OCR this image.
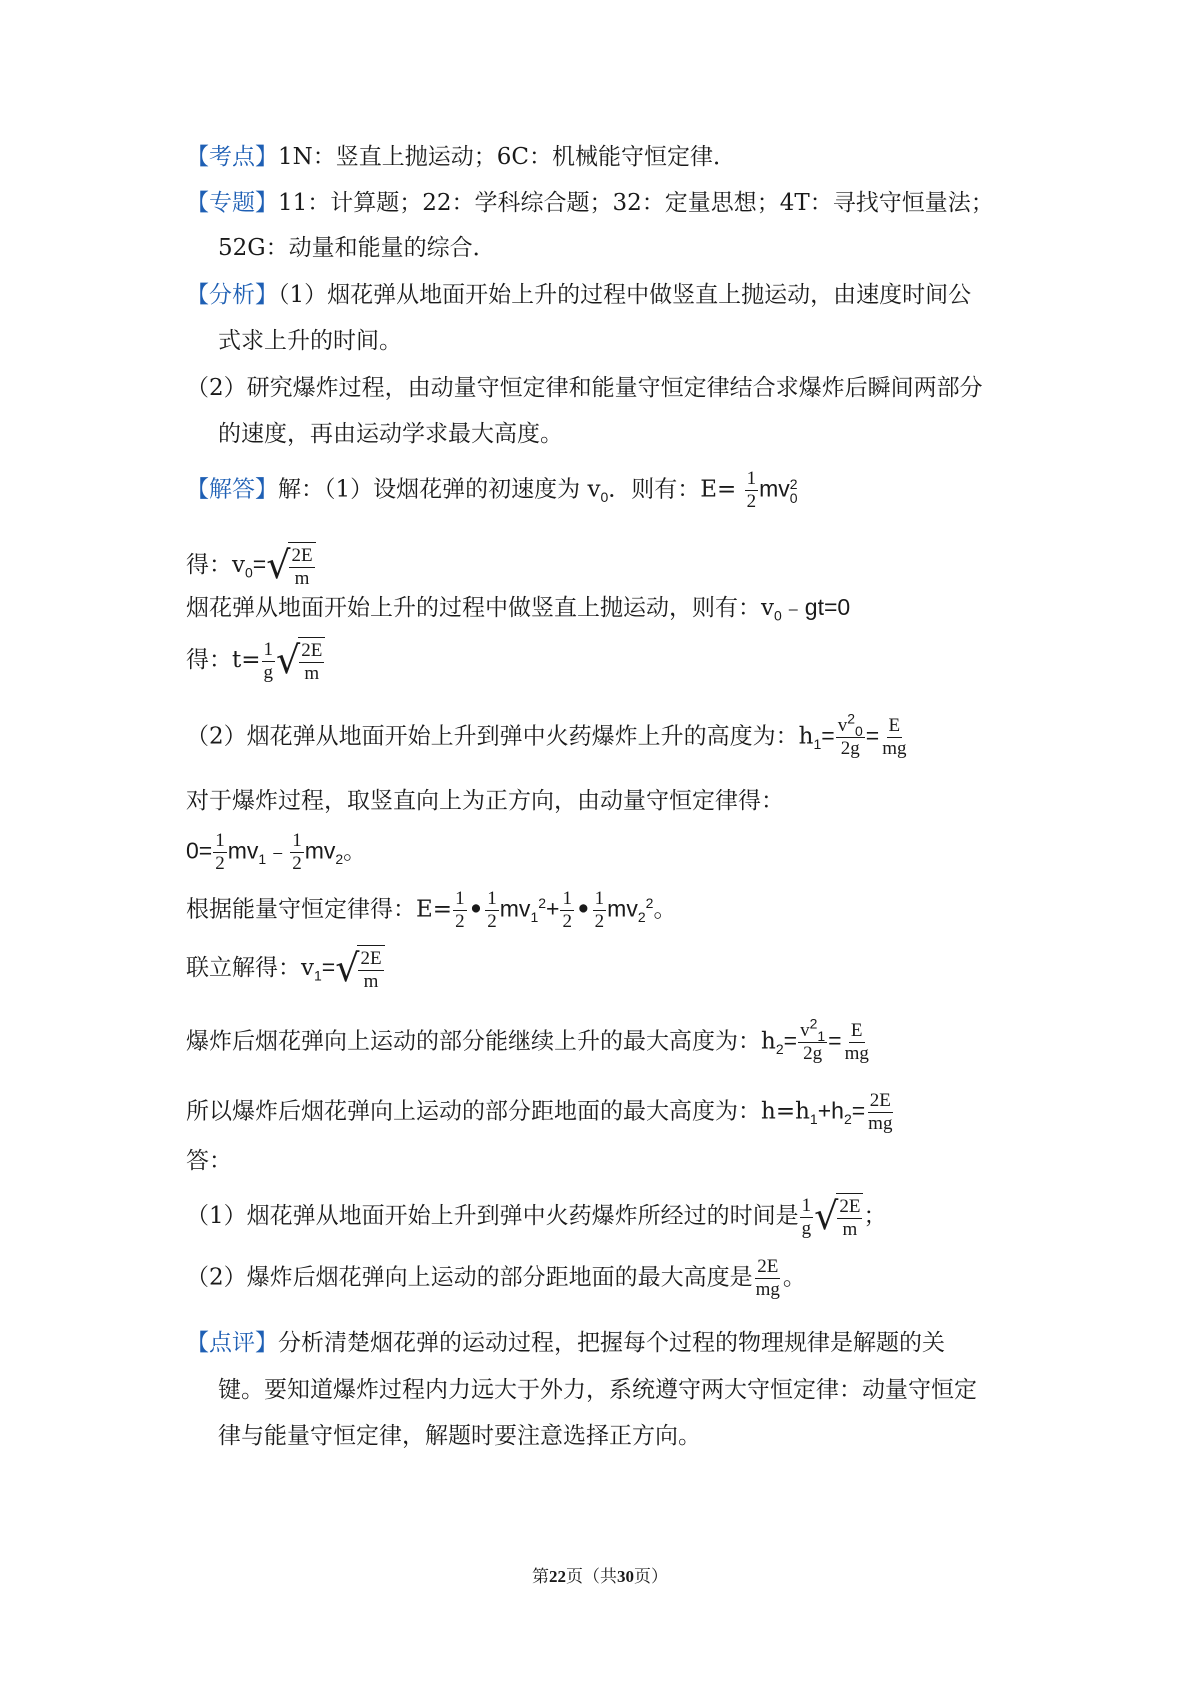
【考点】1N：竖直上抛运动；6C：机械能守恒定律．
【专题】11：计算题；22：学科综合题；32：定量思想；4T：寻找守恒量法；
52G：动量和能量的综合．
【分析】（1）烟花弹从地面开始上升的过程中做竖直上抛运动，由速度时间公
式求上升的时间。
（2）研究爆炸过程，由动量守恒定律和能量守恒定律结合求爆炸后瞬间两部分
的速度，再由运动学求最大高度。
【解答】解：（1）设烟花弹的初速度为 $v_0$．则有：$E= \frac{1}{2}$ mv 2
0
得：$v_0=$ √ $\frac{2E}{m}$
烟花弹从地面开始上升的过程中做竖直上抛运动，则有：$v_0﹣gt=0$
得：$t= \frac{1}{g}$ √ $\frac{2E}{m}$
（2）烟花弹从地面开始上升到弹中火药爆炸上升的高度为：$h_1= \frac{v^2_0}{2g} = \frac{E}{mg}$
对于爆炸过程，取竖直向上为正方向，由动量守恒定律得：
$0= \frac{1}{2}$ $mv_1﹣ \frac{1}{2} mv_2$。
根据能量守恒定律得：$E= \frac{1}{2}$ • $\frac{1}{2} mv_1^2+ \frac{1}{2}$ • $\frac{1}{2} mv_2^2$。
联立解得：$v_1=$ √ $\frac{2E}{m}$
爆炸后烟花弹向上运动的部分能继续上升的最大高度为：$h_2= \frac{v^2_1}{2g} = \frac{E}{mg}$
所以爆炸后烟花弹向上运动的部分距地面的最大高度为：$h=h_1+h_2= \frac{2E}{mg}$
答：
（1）烟花弹从地面开始上升到弹中火药爆炸所经过的时间是 $\frac{1}{g}$ √ $\frac{2E}{m}$ ；
（2）爆炸后烟花弹向上运动的部分距地面的最大高度是 $\frac{2E}{mg}$ 。
【点评】分析清楚烟花弹的运动过程，把握每个过程的物理规律是解题的关
键。要知道爆炸过程内力远大于外力，系统遵守两大守恒定律：动量守恒定
律与能量守恒定律，解题时要注意选择正方向。
第22页（共30页）
